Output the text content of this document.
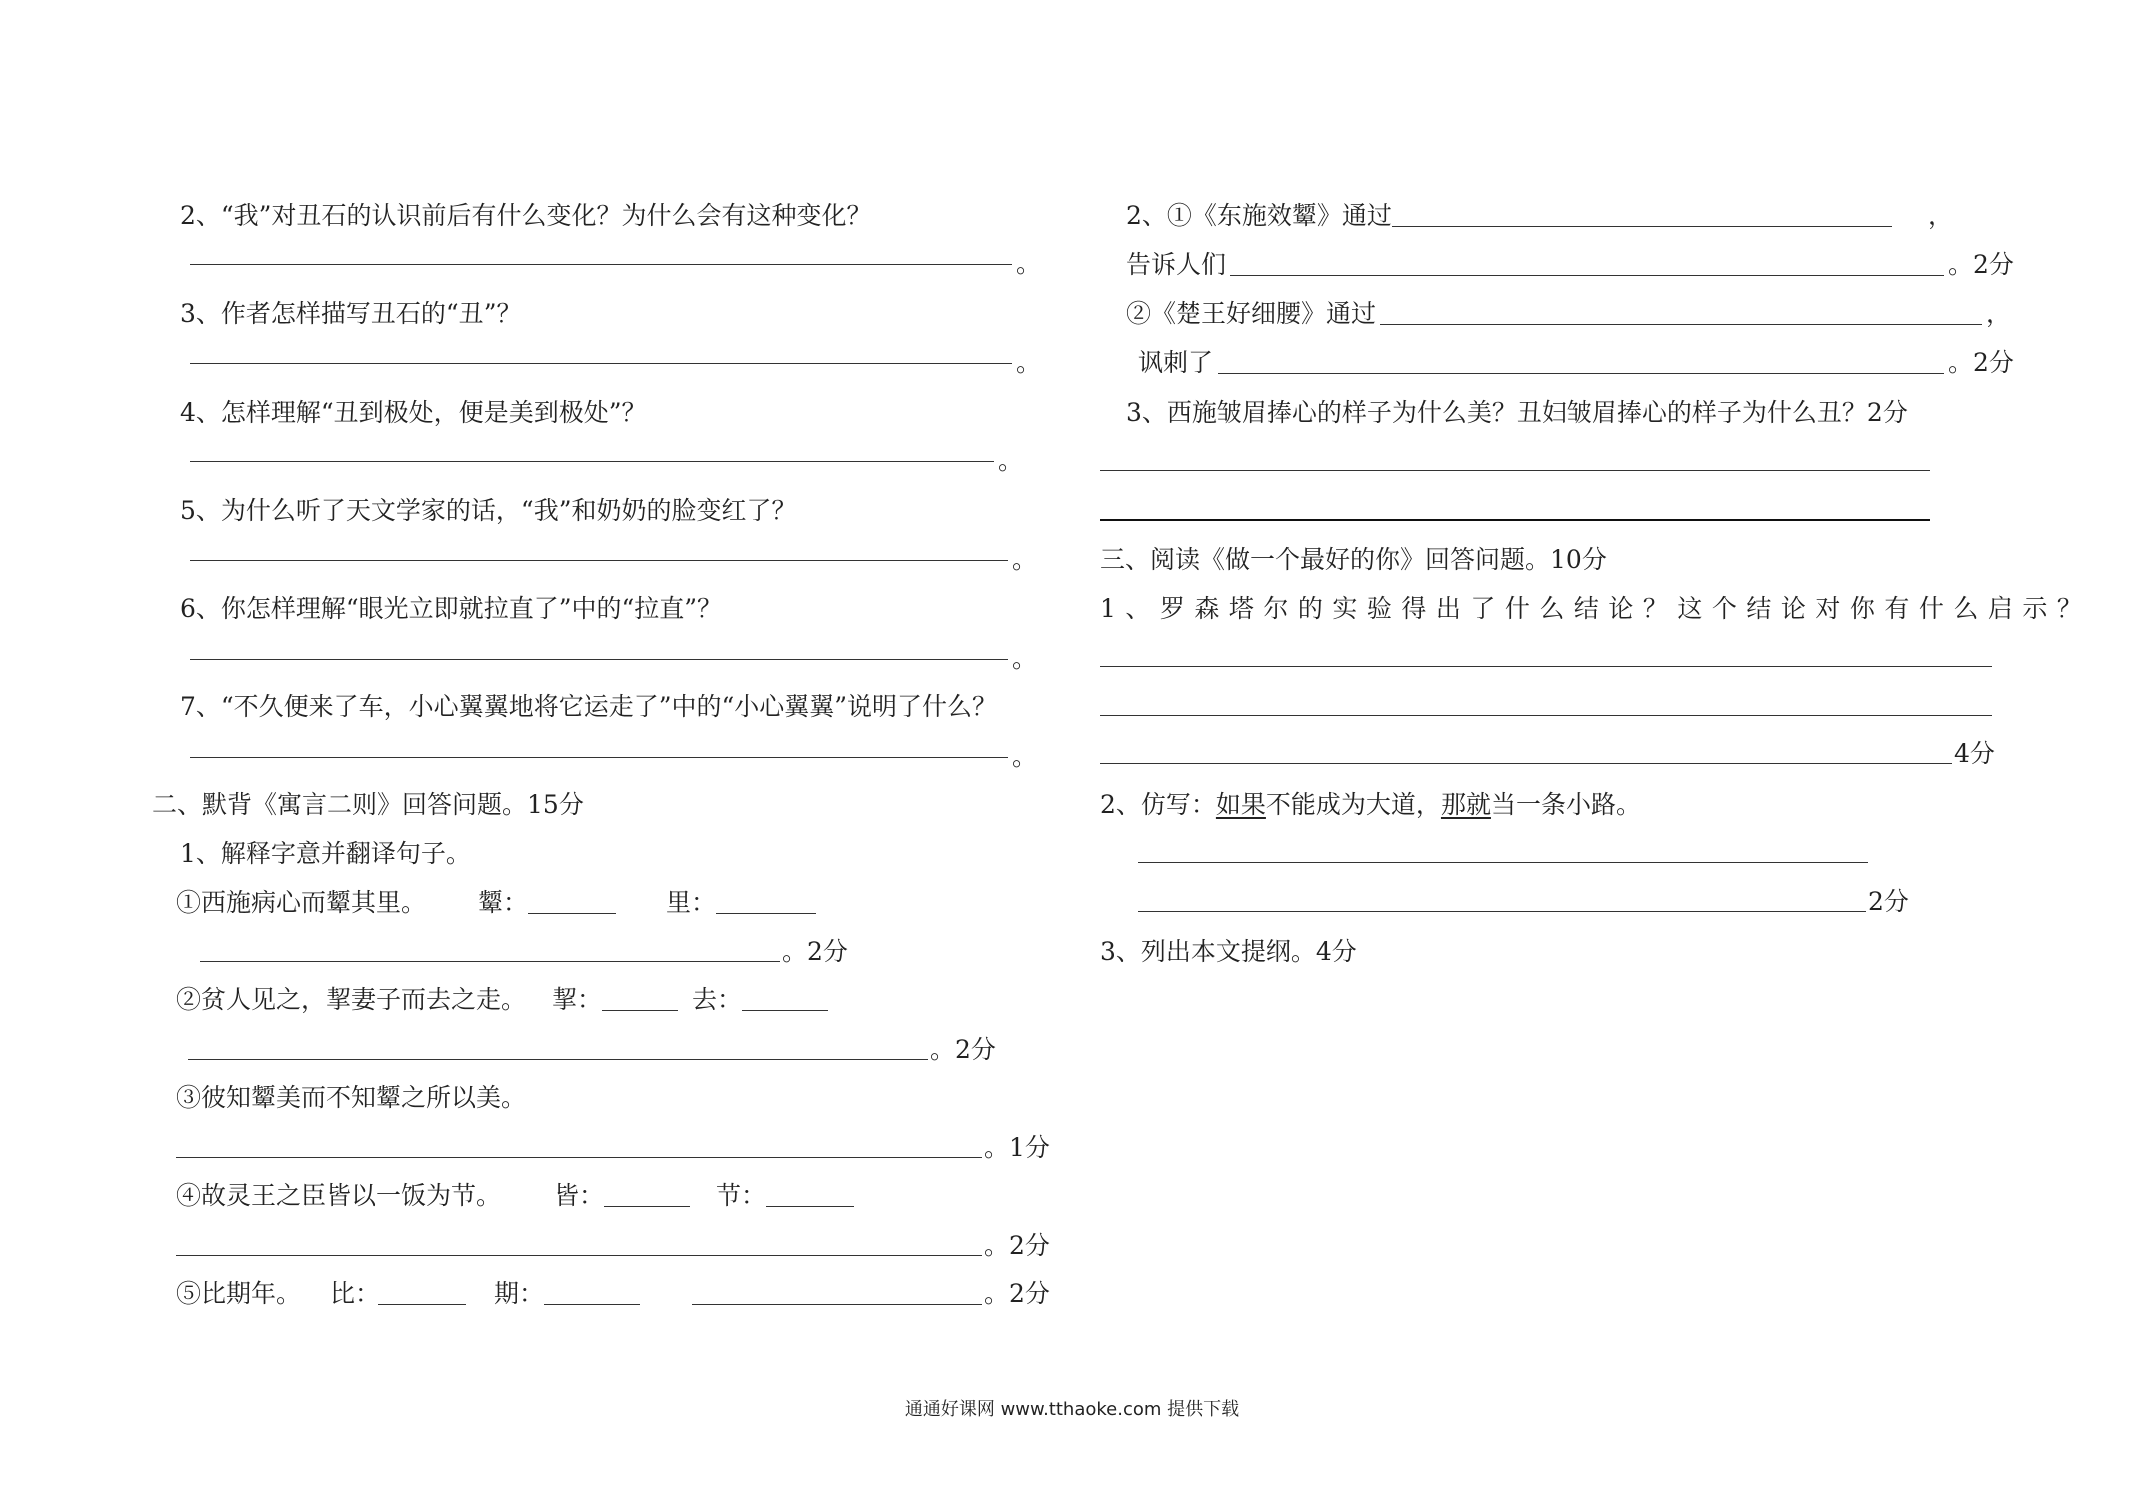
2、“我”对丑石的认识前后有什么变化？为什么会有这种变化？
。
3、作者怎样描写丑石的“丑”？
。
4、怎样理解“丑到极处，便是美到极处”？
。
5、为什么听了天文学家的话，“我”和奶奶的脸变红了？
。
6、你怎样理解“眼光立即就拉直了”中的“拉直”？
。
7、“不久便来了车，小心翼翼地将它运走了”中的“小心翼翼”说明了什么？
。
二、默背《寓言二则》回答问题。15分
1、解释字意并翻译句子。
①西施病心而颦其里。 颦：	里：
。2分
②贫人见之，挈妻子而去之走。 挈：	去：
。2分
③彼知颦美而不知颦之所以美。
。1分
④故灵王之臣皆以一饭为节。 皆：	节：
。2分
⑤比期年。 比：	期：	。2分
2、①《东施效颦》通过	，
告诉人们	。2分
②《楚王好细腰》通过	，
讽刺了	。2分
3、西施皱眉捧心的样子为什么美？丑妇皱眉捧心的样子为什么丑？2分
三、阅读《做一个最好的你》回答问题。10分
1、罗森塔尔的实验得出了什么结论？这个结论对你有什么启示？
4分
2、仿写：如果不能成为大道，那就当一条小路。
2分
3、列出本文提纲。4分
通通好课网 www.tthaoke.com 提供下载
